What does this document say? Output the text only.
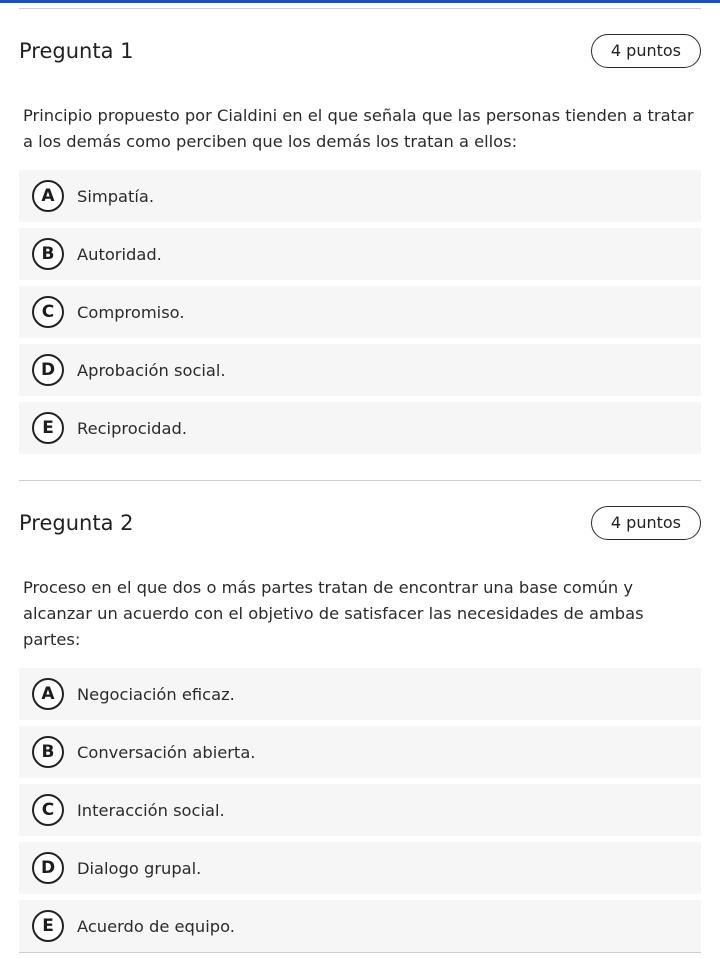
Pregunta 1	4 puntos

Principio propuesto por Cialdini en el que señala que las personas tienden a tratar a los demás como perciben que los demás los tratan a ellos:

A	Simpatía.
B	Autoridad.
C	Compromiso.
D	Aprobación social.
E	Reciprocidad.
Pregunta 2	4 puntos

Proceso en el que dos o más partes tratan de encontrar una base común y alcanzar un acuerdo con el objetivo de satisfacer las necesidades de ambas partes:

A	Negociación eficaz.
B	Conversación abierta.
C	Interacción social.
D	Dialogo grupal.
E	Acuerdo de equipo.
